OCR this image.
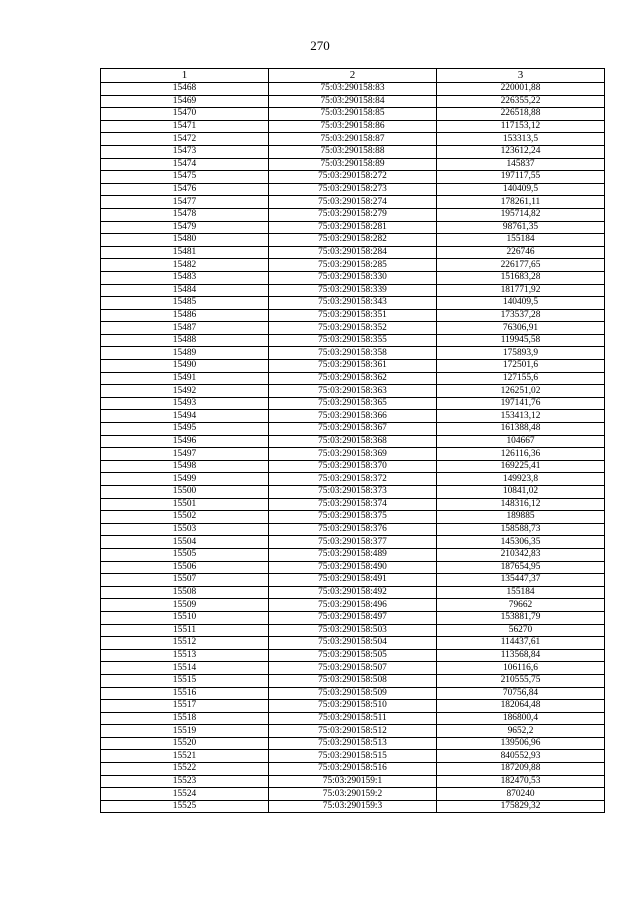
270
1	2	3
15468	75:03:290158:83	220001,88
15469	75:03:290158:84	226355,22
15470	75:03:290158:85	226518,88
15471	75:03:290158:86	117153,12
15472	75:03:290158:87	153313,5
15473	75:03:290158:88	123612,24
15474	75:03:290158:89	145837
15475	75:03:290158:272	197117,55
15476	75:03:290158:273	140409,5
15477	75:03:290158:274	178261,11
15478	75:03:290158:279	195714,82
15479	75:03:290158:281	98761,35
15480	75:03:290158:282	155184
15481	75:03:290158:284	226746
15482	75:03:290158:285	226177,65
15483	75:03:290158:330	151683,28
15484	75:03:290158:339	181771,92
15485	75:03:290158:343	140409,5
15486	75:03:290158:351	173537,28
15487	75:03:290158:352	76306,91
15488	75:03:290158:355	119945,58
15489	75:03:290158:358	175893,9
15490	75:03:290158:361	172501,6
15491	75:03:290158:362	127155,6
15492	75:03:290158:363	126251,02
15493	75:03:290158:365	197141,76
15494	75:03:290158:366	153413,12
15495	75:03:290158:367	161388,48
15496	75:03:290158:368	104667
15497	75:03:290158:369	126116,36
15498	75:03:290158:370	169225,41
15499	75:03:290158:372	149923,8
15500	75:03:290158:373	10841,02
15501	75:03:290158:374	148316,12
15502	75:03:290158:375	189885
15503	75:03:290158:376	158588,73
15504	75:03:290158:377	145306,35
15505	75:03:290158:489	210342,83
15506	75:03:290158:490	187654,95
15507	75:03:290158:491	135447,37
15508	75:03:290158:492	155184
15509	75:03:290158:496	79662
15510	75:03:290158:497	153881,79
15511	75:03:290158:503	56270
15512	75:03:290158:504	114437,61
15513	75:03:290158:505	113568,84
15514	75:03:290158:507	106116,6
15515	75:03:290158:508	210555,75
15516	75:03:290158:509	70756,84
15517	75:03:290158:510	182064,48
15518	75:03:290158:511	186800,4
15519	75:03:290158:512	9652,2
15520	75:03:290158:513	139506,96
15521	75:03:290158:515	840552,93
15522	75:03:290158:516	187209,88
15523	75:03:290159:1	182470,53
15524	75:03:290159:2	870240
15525	75:03:290159:3	175829,32
